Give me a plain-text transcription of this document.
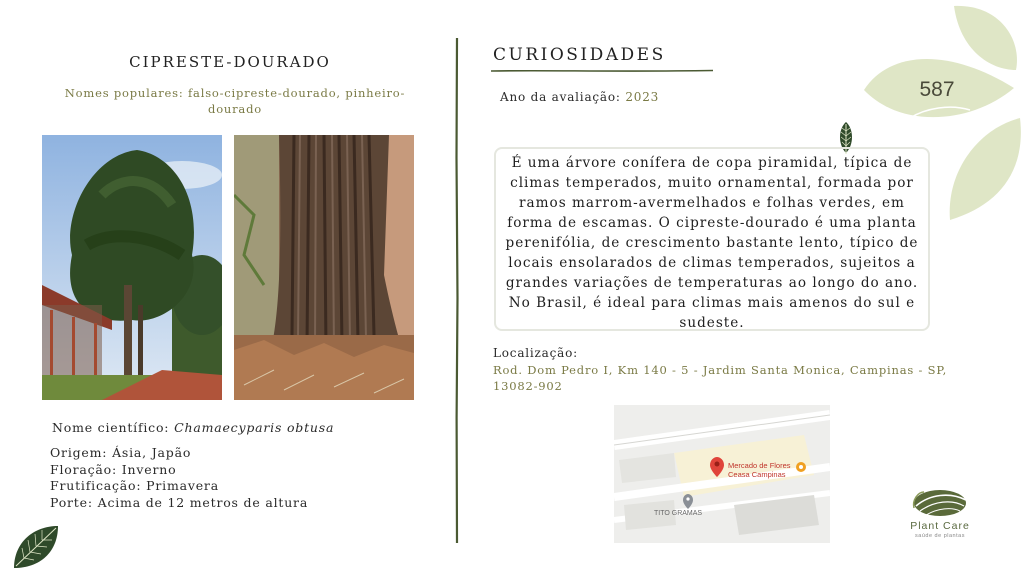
587
CIPRESTE-DOURADO
Nomes populares: falso-cipreste-dourado, pinheiro-dourado
Nome científico: Chamaecyparis obtusa
Origem: Ásia, Japão
Floração: Inverno
Frutificação: Primavera
Porte: Acima de 12 metros de altura
CURIOSIDADES
Ano da avaliação: 2023
É uma árvore conífera de copa piramidal, típica de climas temperados, muito ornamental, formada por ramos marrom-avermelhados e folhas verdes, em forma de escamas. O cipreste-dourado é uma planta perenifólia, de crescimento bastante lento, típico de locais ensolarados de climas temperados, sujeitos a grandes variações de temperaturas ao longo do ano. No Brasil, é ideal para climas mais amenos do sul e sudeste.
Localização:
Rod. Dom Pedro I, Km 140 - 5 - Jardim Santa Monica, Campinas - SP, 13082-902
Mercado de Flores
Ceasa Campinas
TITO GRAMAS
Plant Care
saúde de plantas
